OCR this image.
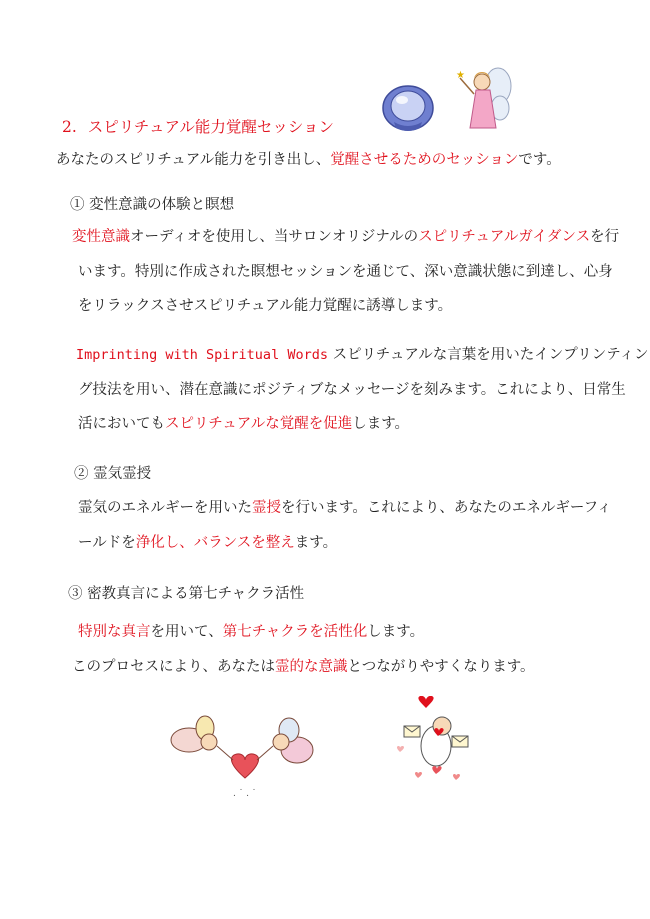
★
2. スピリチュアル能力覚醒セッション
あなたのスピリチュアル能力を引き出し、覚醒させるためのセッションです。
① 変性意識の体験と瞑想
変性意識オーディオを使用し、当サロンオリジナルのスピリチュアルガイダンスを行
います。特別に作成された瞑想セッションを通じて、深い意識状態に到達し、心身
をリラックスさせスピリチュアル能力覚醒に誘導します。
Imprinting with Spiritual Words スピリチュアルな言葉を用いたインプリンティン
グ技法を用い、潜在意識にポジティブなメッセージを刻みます。これにより、日常生
活においてもスピリチュアルな覚醒を促進します。
② 霊気霊授
霊気のエネルギーを用いた霊授を行います。これにより、あなたのエネルギーフィ
ールドを浄化し、バランスを整えます。
③ 密教真言による第七チャクラ活性
特別な真言を用いて、第七チャクラを活性化します。
このプロセスにより、あなたは霊的な意識とつながりやすくなります。
. ˙ . ˙
